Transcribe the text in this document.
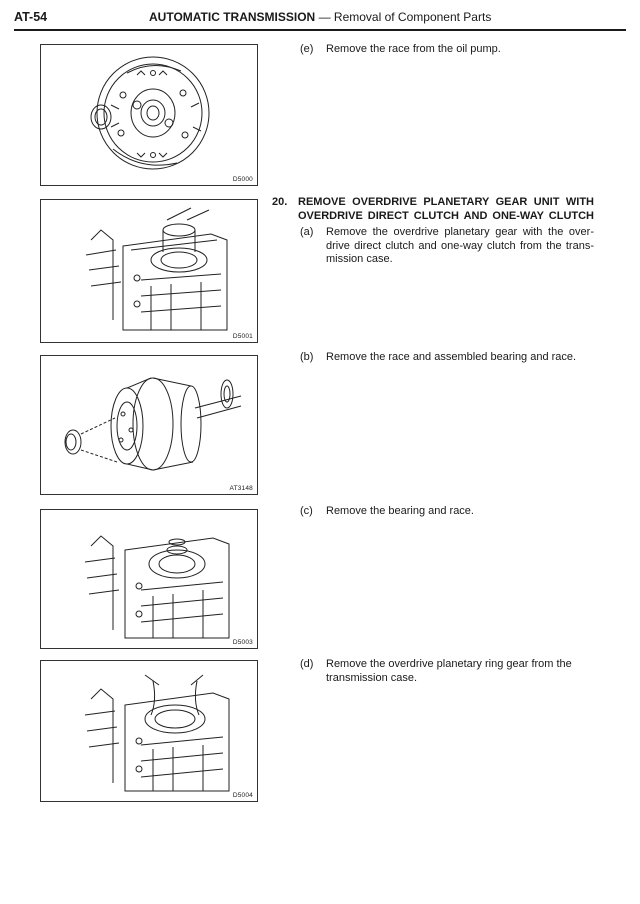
AT-54	AUTOMATIC TRANSMISSION — Removal of Component Parts
D5000
D5001
AT3148
D5003
D5004
(e) Remove the race from the oil pump.
20. REMOVE OVERDRIVE PLANETARY GEAR UNIT WITH OVERDRIVE DIRECT CLUTCH AND ONE-WAY CLUTCH
(a) Remove the overdrive planetary gear with the over-drive direct clutch and one-way clutch from the trans-mission case.
(b) Remove the race and assembled bearing and race.
(c) Remove the bearing and race.
(d) Remove the overdrive planetary ring gear from the transmission case.
